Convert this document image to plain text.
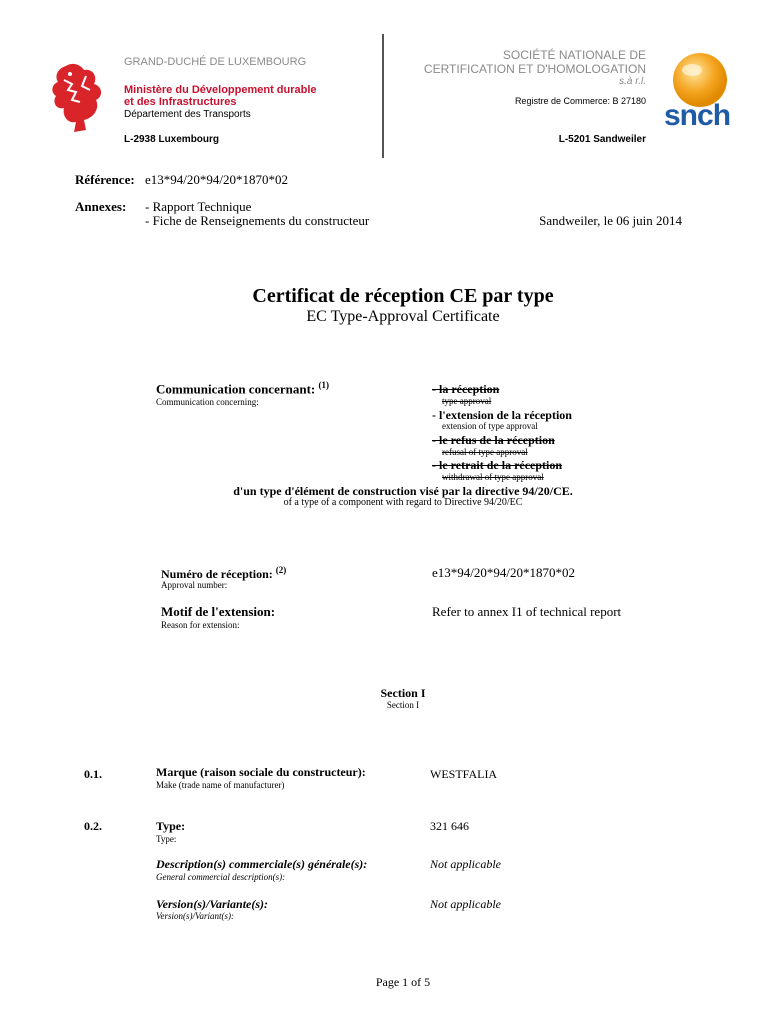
GRAND-DUCHÉ DE LUXEMBOURG
Ministère du Développement durable
et des Infrastructures
Département des Transports
L-2938 Luxembourg
SOCIÉTÉ NATIONALE DE
CERTIFICATION ET D'HOMOLOGATION
s.à r.l.
Registre de Commerce: B 27180
L-5201 Sandweiler
snch
Référence: e13*94/20*94/20*1870*02
Annexes: - Rapport Technique
- Fiche de Renseignements du constructeur	Sandweiler, le 06 juin 2014
Certificat de réception CE par type
EC Type-Approval Certificate
Communication concernant: $^{(1)}$
Communication concerning:
- la réception
type approval
- l'extension de la réception
extension of type approval
- le refus de la réception
refusal of type approval
- le retrait de la réception
withdrawal of type approval
d'un type d'élément de construction visé par la directive 94/20/CE.
of a type of a component with regard to Directive 94/20/EC
Numéro de réception: $^{(2)}$
Approval number:
e13*94/20*94/20*1870*02
Motif de l'extension:
Reason for extension:
Refer to annex I1 of technical report
Section I
Section I
0.1.	Marque (raison sociale du constructeur):
Make (trade name of manufacturer)
WESTFALIA
0.2.	Type:
Type:
321 646
Description(s) commerciale(s) générale(s):
General commercial description(s):
Not applicable
Version(s)/Variante(s):
Version(s)/Variant(s):
Not applicable
Page 1 of 5
